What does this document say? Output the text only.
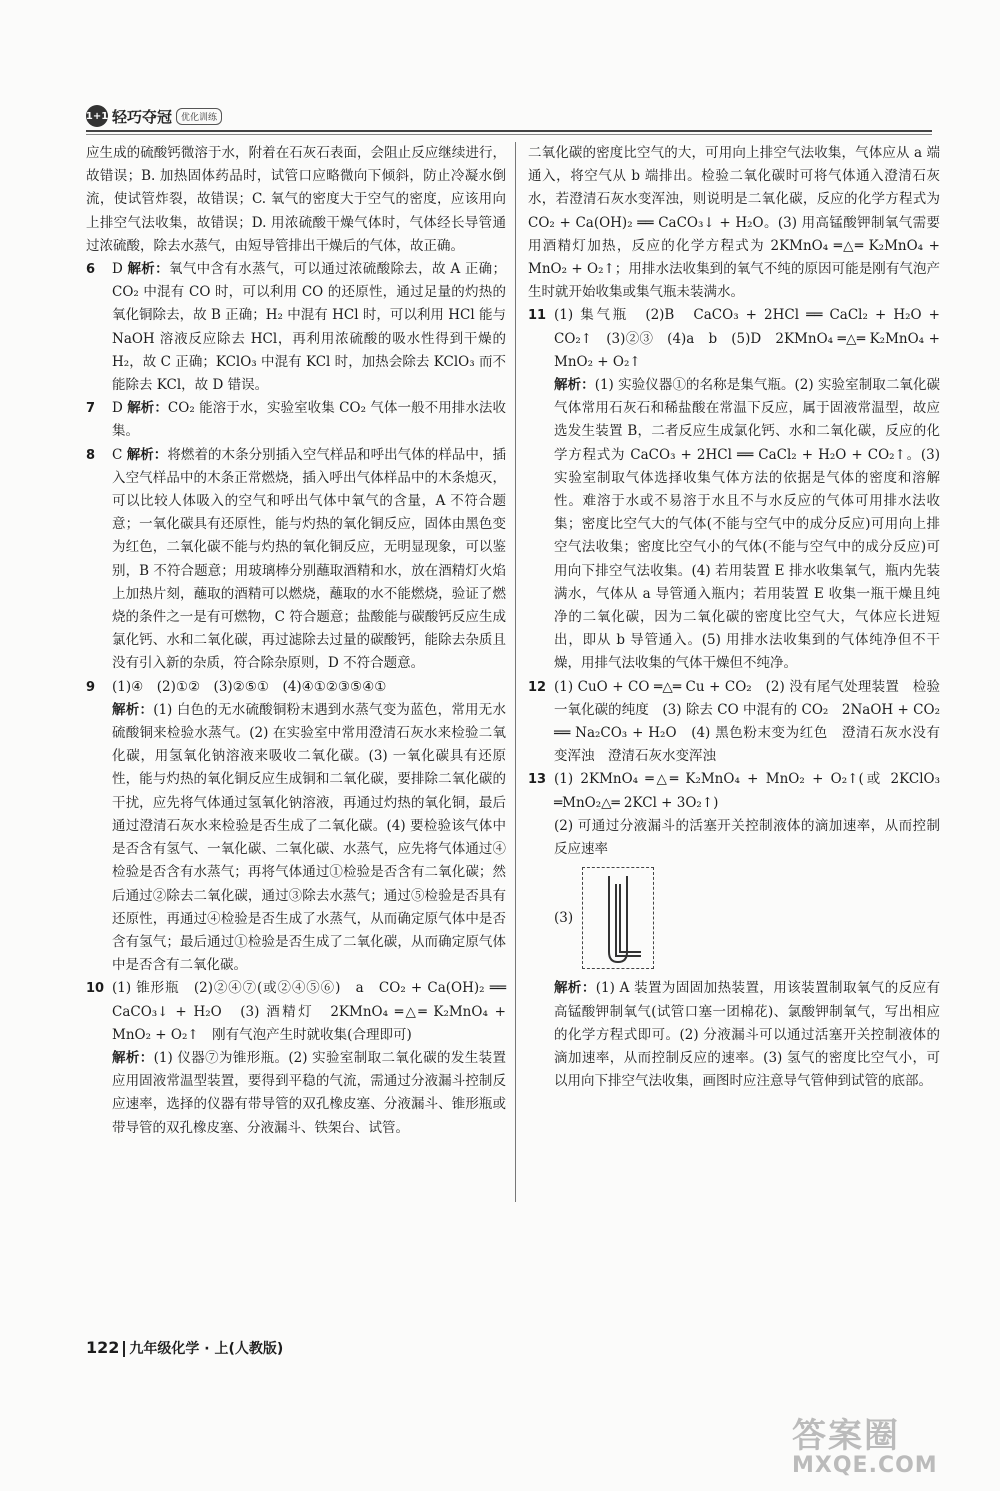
1+1 轻巧夺冠	优化训练

应生成的硫酸钙微溶于水，附着在石灰石表面，会阻止反应继续进行，故错误；B. 加热固体药品时，试管口应略微向下倾斜，防止冷凝水倒流，使试管炸裂，故错误；C. 氧气的密度大于空气的密度，应该用向上排空气法收集，故错误；D. 用浓硫酸干燥气体时，气体经长导管通过浓硫酸，除去水蒸气，由短导管排出干燥后的气体，故正确。

6	D 解析：氧气中含有水蒸气，可以通过浓硫酸除去，故 A 正确；CO₂ 中混有 CO 时，可以利用 CO 的还原性，通过足量的灼热的氧化铜除去，故 B 正确；H₂ 中混有 HCl 时，可以利用 HCl 能与 NaOH 溶液反应除去 HCl，再利用浓硫酸的吸水性得到干燥的 H₂，故 C 正确；KClO₃ 中混有 KCl 时，加热会除去 KClO₃ 而不能除去 KCl，故 D 错误。
7	D 解析：CO₂ 能溶于水，实验室收集 CO₂ 气体一般不用排水法收集。
8	C 解析：将燃着的木条分别插入空气样品和呼出气体的样品中，插入空气样品中的木条正常燃烧，插入呼出气体样品中的木条熄灭，可以比较人体吸入的空气和呼出气体中氧气的含量，A 不符合题意；一氧化碳具有还原性，能与灼热的氧化铜反应，固体由黑色变为红色，二氧化碳不能与灼热的氧化铜反应，无明显现象，可以鉴别，B 不符合题意；用玻璃棒分别蘸取酒精和水，放在酒精灯火焰上加热片刻，蘸取的酒精可以燃烧，蘸取的水不能燃烧，验证了燃烧的条件之一是有可燃物，C 符合题意；盐酸能与碳酸钙反应生成氯化钙、水和二氧化碳，再过滤除去过量的碳酸钙，能除去杂质且没有引入新的杂质，符合除杂原则，D 不符合题意。
9	(1)④　(2)①②　(3)②⑤①　(4)④①②③⑤④①

解析：(1) 白色的无水硫酸铜粉末遇到水蒸气变为蓝色，常用无水硫酸铜来检验水蒸气。(2) 在实验室中常用澄清石灰水来检验二氧化碳，用氢氧化钠溶液来吸收二氧化碳。(3) 一氧化碳具有还原性，能与灼热的氧化铜反应生成铜和二氧化碳，要排除二氧化碳的干扰，应先将气体通过氢氧化钠溶液，再通过灼热的氧化铜，最后通过澄清石灰水来检验是否生成了二氧化碳。(4) 要检验该气体中是否含有氢气、一氧化碳、二氧化碳、水蒸气，应先将气体通过④检验是否含有水蒸气；再将气体通过①检验是否含有二氧化碳；然后通过②除去二氧化碳，通过③除去水蒸气；通过⑤检验是否具有还原性，再通过④检验是否生成了水蒸气，从而确定原气体中是否含有氢气；最后通过①检验是否生成了二氧化碳，从而确定原气体中是否含有二氧化碳。

10 (1) 锥形瓶　(2)②④⑦(或②④⑤⑥)　a　CO₂ + Ca(OH)₂ ══ CaCO₃↓ + H₂O　(3) 酒精灯　2KMnO₄ ═△═ K₂MnO₄ + MnO₂ + O₂↑　刚有气泡产生时就收集(合理即可)

解析：(1) 仪器⑦为锥形瓶。(2) 实验室制取二氧化碳的发生装置应用固液常温型装置，要得到平稳的气流，需通过分液漏斗控制反应速率，选择的仪器有带导管的双孔橡皮塞、分液漏斗、锥形瓶或带导管的双孔橡皮塞、分液漏斗、铁架台、试管。

二氧化碳的密度比空气的大，可用向上排空气法收集，气体应从 a 端通入，将空气从 b 端排出。检验二氧化碳时可将气体通入澄清石灰水，若澄清石灰水变浑浊，则说明是二氧化碳，反应的化学方程式为 CO₂ + Ca(OH)₂ ══ CaCO₃↓ + H₂O。(3) 用高锰酸钾制氧气需要用酒精灯加热，反应的化学方程式为 2KMnO₄ ═△═ K₂MnO₄ + MnO₂ + O₂↑；用排水法收集到的氧气不纯的原因可能是刚有气泡产生时就开始收集或集气瓶未装满水。

11 (1) 集气瓶　(2)B　CaCO₃ + 2HCl ══ CaCl₂ + H₂O + CO₂↑　(3)②③　(4)a　b　(5)D　2KMnO₄ ═△═ K₂MnO₄ + MnO₂ + O₂↑

解析：(1) 实验仪器①的名称是集气瓶。(2) 实验室制取二氧化碳气体常用石灰石和稀盐酸在常温下反应，属于固液常温型，故应选发生装置 B，二者反应生成氯化钙、水和二氧化碳，反应的化学方程式为 CaCO₃ + 2HCl ══ CaCl₂ + H₂O + CO₂↑。(3) 实验室制取气体选择收集气体方法的依据是气体的密度和溶解性。难溶于水或不易溶于水且不与水反应的气体可用排水法收集；密度比空气大的气体(不能与空气中的成分反应)可用向上排空气法收集；密度比空气小的气体(不能与空气中的成分反应)可用向下排空气法收集。(4) 若用装置 E 排水收集氧气，瓶内先装满水，气体从 a 导管通入瓶内；若用装置 E 收集一瓶干燥且纯净的二氧化碳，因为二氧化碳的密度比空气大，气体应长进短出，即从 b 导管通入。(5) 用排水法收集到的气体纯净但不干燥，用排气法收集的气体干燥但不纯净。

12 (1) CuO + CO ═△═ Cu + CO₂　(2) 没有尾气处理装置　检验一氧化碳的纯度　(3) 除去 CO 中混有的 CO₂　2NaOH + CO₂ ══ Na₂CO₃ + H₂O　(4) 黑色粉末变为红色　澄清石灰水没有变浑浊　澄清石灰水变浑浊

13 (1) 2KMnO₄ ═△═ K₂MnO₄ + MnO₂ + O₂↑(或 2KClO₃ ═MnO₂△═ 2KCl + 3O₂↑)

(2) 可通过分液漏斗的活塞开关控制液体的滴加速率，从而控制反应速率

(3)

解析：(1) A 装置为固固加热装置，用该装置制取氧气的反应有高锰酸钾制氧气(试管口塞一团棉花)、氯酸钾制氧气，写出相应的化学方程式即可。(2) 分液漏斗可以通过活塞开关控制液体的滴加速率，从而控制反应的速率。(3) 氢气的密度比空气小，可以用向下排空气法收集，画图时应注意导气管伸到试管的底部。

122 九年级化学 · 上(人教版)
答案圈
MXQE.COM
